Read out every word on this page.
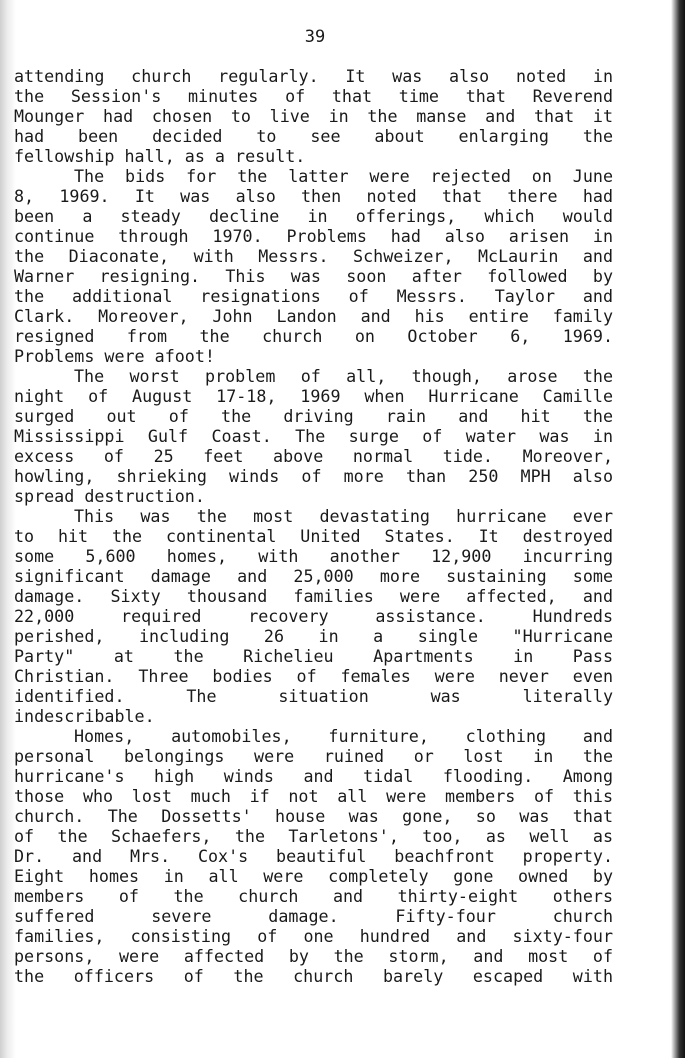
39
attending church regularly. It was also noted in
the Session's minutes of that time that Reverend
Mounger had chosen to live in the manse and that it
had been decided to see about enlarging the
fellowship hall, as a result.
The bids for the latter were rejected on June
8, 1969. It was also then noted that there had
been a steady decline in offerings, which would
continue through 1970. Problems had also arisen in
the Diaconate, with Messrs. Schweizer, McLaurin and
Warner resigning. This was soon after followed by
the additional resignations of Messrs. Taylor and
Clark. Moreover, John Landon and his entire family
resigned from the church on October 6, 1969.
Problems were afoot!
The worst problem of all, though, arose the
night of August 17-18, 1969 when Hurricane Camille
surged out of the driving rain and hit the
Mississippi Gulf Coast. The surge of water was in
excess of 25 feet above normal tide. Moreover,
howling, shrieking winds of more than 250 MPH also
spread destruction.
This was the most devastating hurricane ever
to hit the continental United States. It destroyed
some 5,600 homes, with another 12,900 incurring
significant damage and 25,000 more sustaining some
damage. Sixty thousand families were affected, and
22,000 required recovery assistance. Hundreds
perished, including 26 in a single "Hurricane
Party" at the Richelieu Apartments in Pass
Christian. Three bodies of females were never even
identified. The situation was literally
indescribable.
Homes, automobiles, furniture, clothing and
personal belongings were ruined or lost in the
hurricane's high winds and tidal flooding. Among
those who lost much if not all were members of this
church. The Dossetts' house was gone, so was that
of the Schaefers, the Tarletons', too, as well as
Dr. and Mrs. Cox's beautiful beachfront property.
Eight homes in all were completely gone owned by
members of the church and thirty-eight others
suffered severe damage. Fifty-four church
families, consisting of one hundred and sixty-four
persons, were affected by the storm, and most of
the officers of the church barely escaped with
